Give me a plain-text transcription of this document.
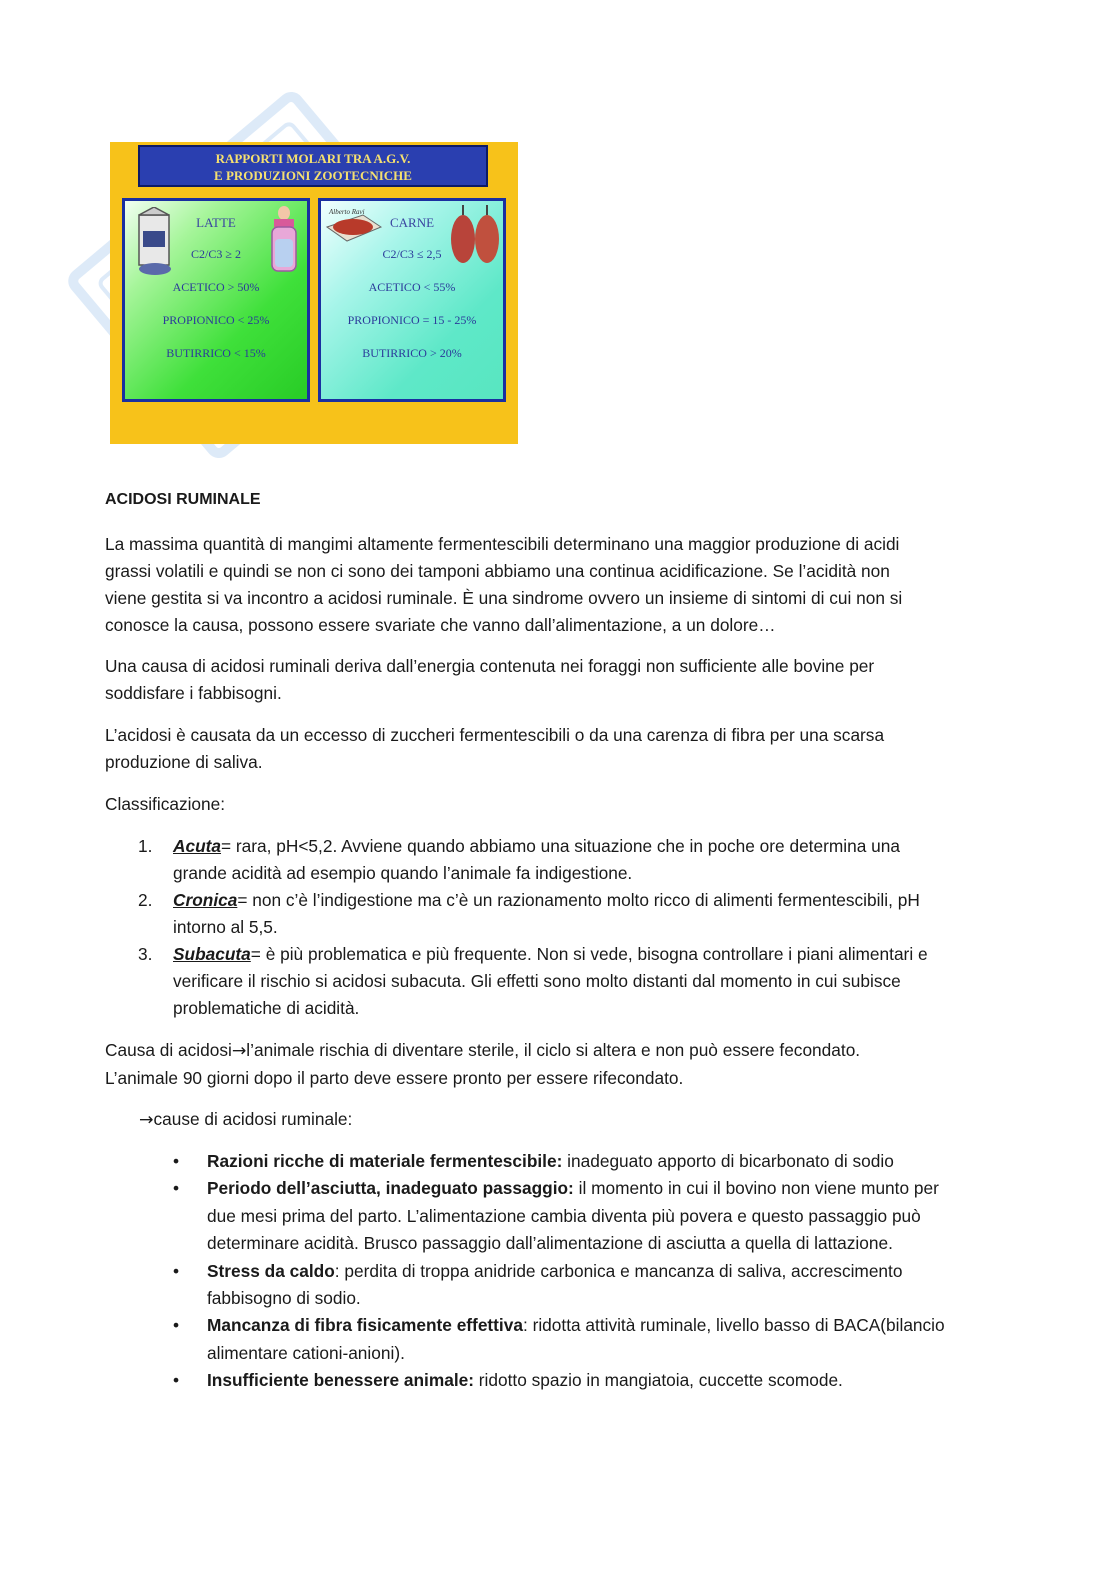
RAPPORTI MOLARI TRA A.G.V.
E PRODUZIONI ZOOTECNICHE
LATTE
C2/C3 ≥ 2
ACETICO > 50%
PROPIONICO < 25%
BUTIRRICO < 15%
Alberto Ravi
CARNE
C2/C3 ≤ 2,5
ACETICO < 55%
PROPIONICO = 15 - 25%
BUTIRRICO > 20%
ACIDOSI RUMINALE
La massima quantità di mangimi altamente fermentescibili determinano una maggior produzione di acidi
grassi volatili e quindi se non ci sono dei tamponi abbiamo una continua acidificazione. Se l’acidità non
viene gestita si va incontro a acidosi ruminale. È una sindrome ovvero un insieme di sintomi di cui non si
conosce la causa, possono essere svariate che vanno dall’alimentazione, a un dolore…
Una causa di acidosi ruminali deriva dall’energia contenuta nei foraggi non sufficiente alle bovine per
soddisfare i fabbisogni.
L’acidosi è causata da un eccesso di zuccheri fermentescibili o da una carenza di fibra per una scarsa
produzione di saliva.
Classificazione:
1. Acuta= rara, pH<5,2. Avviene quando abbiamo una situazione che in poche ore determina una
grande acidità ad esempio quando l’animale fa indigestione.
2. Cronica= non c’è l’indigestione ma c’è un razionamento molto ricco di alimenti fermentescibili, pH
intorno al 5,5.
3. Subacuta= è più problematica e più frequente. Non si vede, bisogna controllare i piani alimentari e
verificare il rischio si acidosi subacuta. Gli effetti sono molto distanti dal momento in cui subisce
problematiche di acidità.
Causa di acidosi→l’animale rischia di diventare sterile, il ciclo si altera e non può essere fecondato.
L’animale 90 giorni dopo il parto deve essere pronto per essere rifecondato.
→cause di acidosi ruminale:
• Razioni ricche di materiale fermentescibile: inadeguato apporto di bicarbonato di sodio
• Periodo dell’asciutta, inadeguato passaggio: il momento in cui il bovino non viene munto per
due mesi prima del parto. L’alimentazione cambia diventa più povera e questo passaggio può
determinare acidità. Brusco passaggio dall’alimentazione di asciutta a quella di lattazione.
• Stress da caldo: perdita di troppa anidride carbonica e mancanza di saliva, accrescimento
fabbisogno di sodio.
• Mancanza di fibra fisicamente effettiva: ridotta attività ruminale, livello basso di BACA(bilancio
alimentare cationi-anioni).
• Insufficiente benessere animale: ridotto spazio in mangiatoia, cuccette scomode.
